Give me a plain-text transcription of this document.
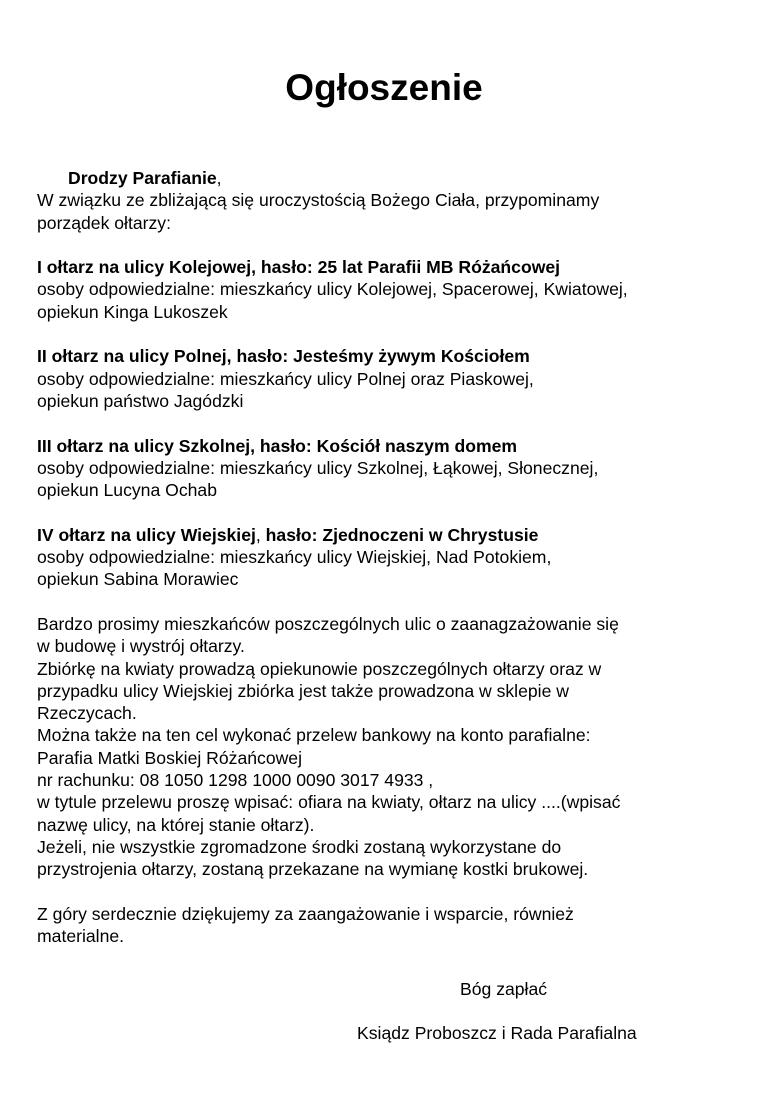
Ogłoszenie

Drodzy Parafianie,

W związku ze zbliżającą się uroczystością Bożego Ciała, przypominamy

porządek ołtarzy:

I ołtarz na ulicy Kolejowej, hasło: 25 lat Parafii MB Różańcowej

osoby odpowiedzialne: mieszkańcy ulicy Kolejowej, Spacerowej, Kwiatowej,

opiekun Kinga Lukoszek

II ołtarz na ulicy Polnej, hasło: Jesteśmy żywym Kościołem

osoby odpowiedzialne: mieszkańcy ulicy Polnej oraz Piaskowej,

opiekun państwo Jagódzki

III ołtarz na ulicy Szkolnej, hasło: Kościół naszym domem

osoby odpowiedzialne: mieszkańcy ulicy Szkolnej, Łąkowej, Słonecznej,

opiekun Lucyna Ochab

IV ołtarz na ulicy Wiejskiej, hasło: Zjednoczeni w Chrystusie

osoby odpowiedzialne: mieszkańcy ulicy Wiejskiej, Nad Potokiem,

opiekun Sabina Morawiec

Bardzo prosimy mieszkańców poszczególnych ulic o zaanagzażowanie się

w budowę i wystrój ołtarzy.

Zbiórkę na kwiaty prowadzą opiekunowie poszczególnych ołtarzy oraz w

przypadku ulicy Wiejskiej zbiórka jest także prowadzona w sklepie w

Rzeczycach.

Można także na ten cel wykonać przelew bankowy na konto parafialne:

Parafia Matki Boskiej Różańcowej

nr rachunku: 08 1050 1298 1000 0090 3017 4933 ,

w tytule przelewu proszę wpisać: ofiara na kwiaty, ołtarz na ulicy ....(wpisać

nazwę ulicy, na której stanie ołtarz).

Jeżeli, nie wszystkie zgromadzone środki zostaną wykorzystane do

przystrojenia ołtarzy, zostaną przekazane na wymianę kostki brukowej.

Z góry serdecznie dziękujemy za zaangażowanie i wsparcie, również

materialne.

Bóg zapłać

Ksiądz Proboszcz i Rada Parafialna
